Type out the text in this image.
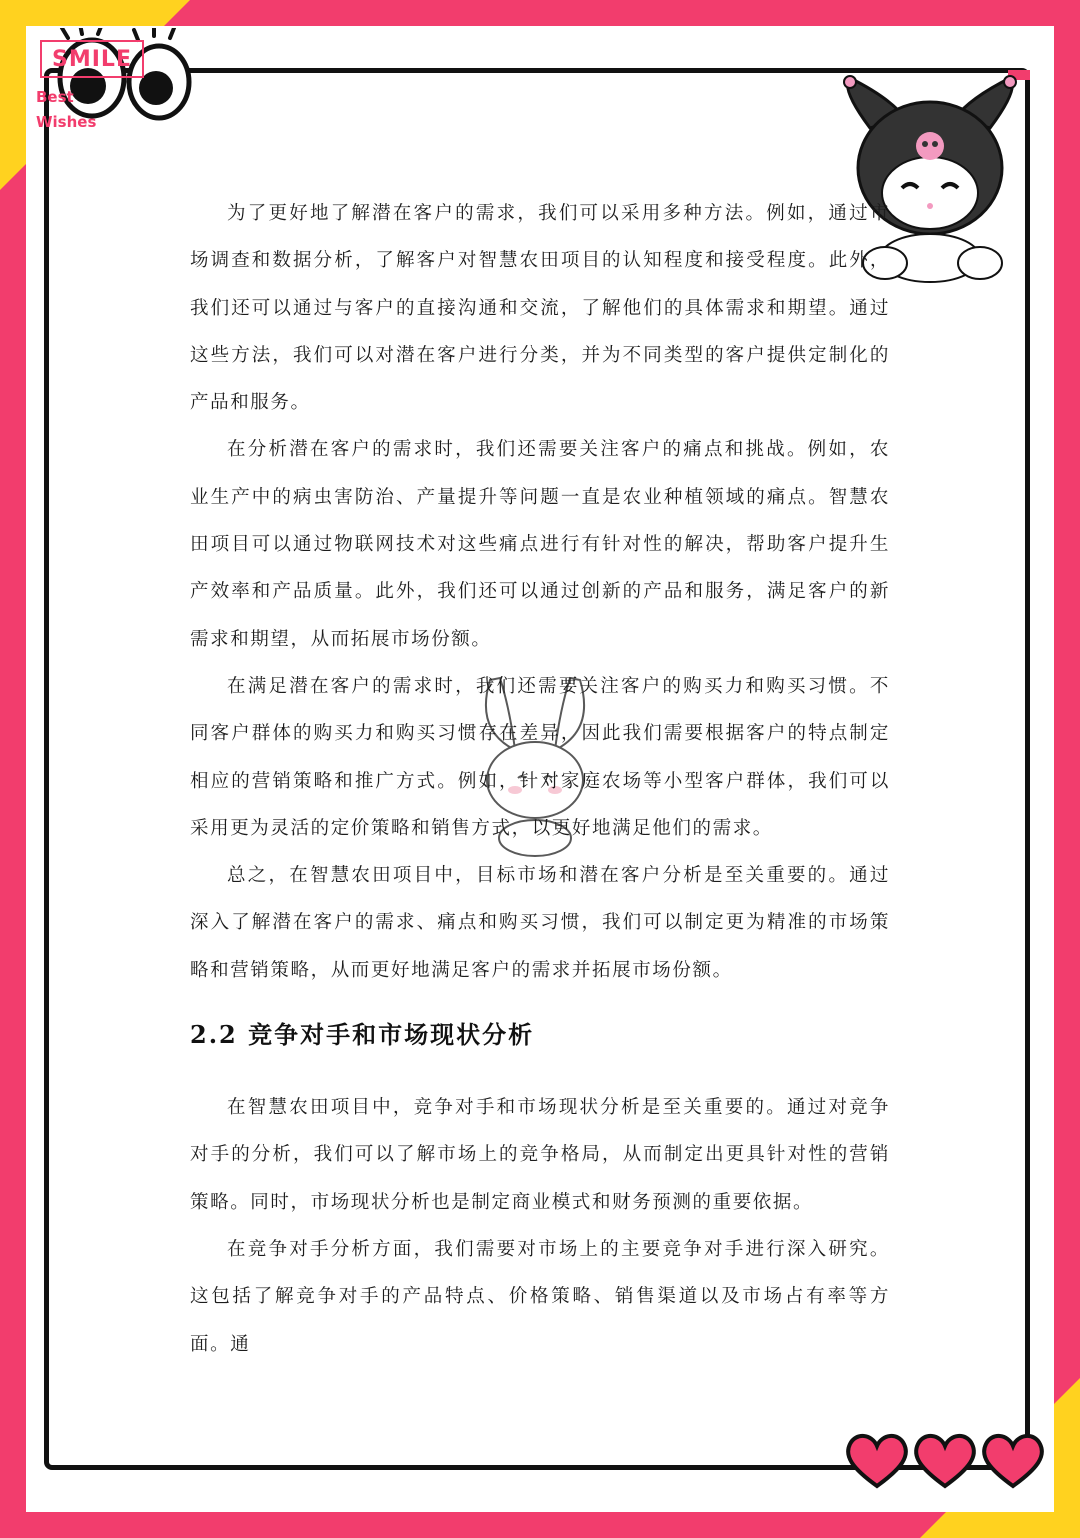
SMILE
Best
Wishes

为了更好地了解潜在客户的需求，我们可以采用多种方法。例如，通过市场调查和数据分析，了解客户对智慧农田项目的认知程度和接受程度。此外，我们还可以通过与客户的直接沟通和交流，了解他们的具体需求和期望。通过这些方法，我们可以对潜在客户进行分类，并为不同类型的客户提供定制化的产品和服务。

在分析潜在客户的需求时，我们还需要关注客户的痛点和挑战。例如，农业生产中的病虫害防治、产量提升等问题一直是农业种植领域的痛点。智慧农田项目可以通过物联网技术对这些痛点进行有针对性的解决，帮助客户提升生产效率和产品质量。此外，我们还可以通过创新的产品和服务，满足客户的新需求和期望，从而拓展市场份额。

在满足潜在客户的需求时，我们还需要关注客户的购买力和购买习惯。不同客户群体的购买力和购买习惯存在差异，因此我们需要根据客户的特点制定相应的营销策略和推广方式。例如，针对家庭农场等小型客户群体，我们可以采用更为灵活的定价策略和销售方式，以更好地满足他们的需求。

总之，在智慧农田项目中，目标市场和潜在客户分析是至关重要的。通过深入了解潜在客户的需求、痛点和购买习惯，我们可以制定更为精准的市场策略和营销策略，从而更好地满足客户的需求并拓展市场份额。

2.2 竞争对手和市场现状分析

在智慧农田项目中，竞争对手和市场现状分析是至关重要的。通过对竞争对手的分析，我们可以了解市场上的竞争格局，从而制定出更具针对性的营销策略。同时，市场现状分析也是制定商业模式和财务预测的重要依据。

在竞争对手分析方面，我们需要对市场上的主要竞争对手进行深入研究。这包括了解竞争对手的产品特点、价格策略、销售渠道以及市场占有率等方面。通
